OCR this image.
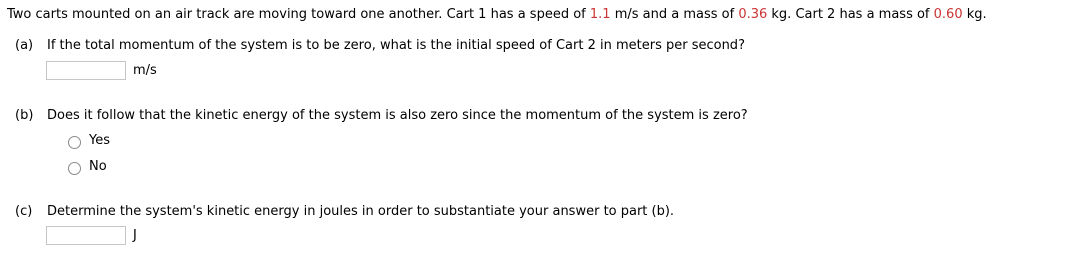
Two carts mounted on an air track are moving toward one another. Cart 1 has a speed of 1.1 m/s and a mass of 0.36 kg. Cart 2 has a mass of 0.60 kg.
(a) If the total momentum of the system is to be zero, what is the initial speed of Cart 2 in meters per second?
m/s
(b) Does it follow that the kinetic energy of the system is also zero since the momentum of the system is zero?
Yes
No
(c) Determine the system's kinetic energy in joules in order to substantiate your answer to part (b).
J
